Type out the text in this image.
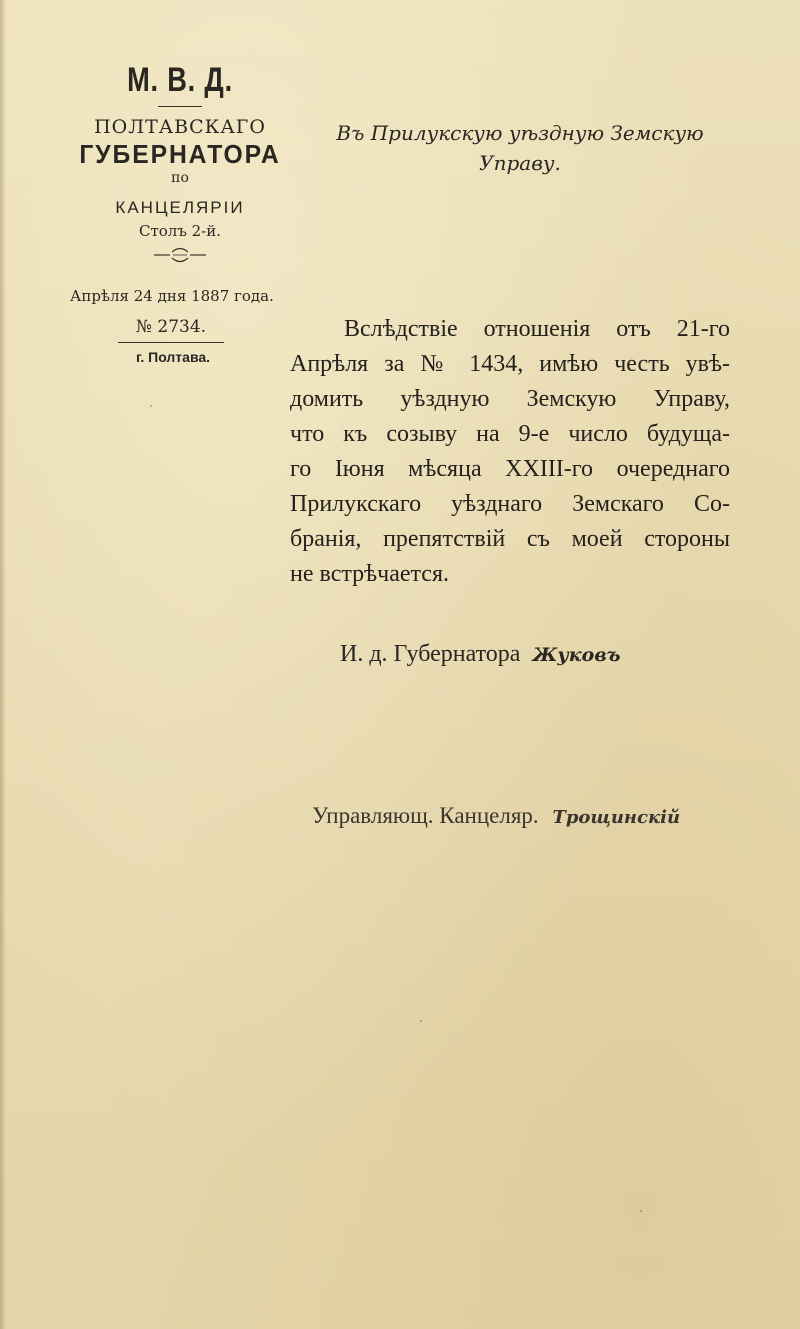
М. В. Д.
ПОЛТАВСКАГО
ГУБЕРНАТОРА
по
КАНЦЕЛЯРІИ
Столъ 2-й.
Апрѣля 24 дня 1887 года.
№ 2734.
г. Полтава.
Въ Прилукскую уѣздную Земскую
Управу.
Вслѣдствіе отношенія отъ 21-го
Апрѣля за № 1434, имѣю честь увѣ-
домить уѣздную Земскую Управу,
что къ созыву на 9-е число будуща-
го Іюня мѣсяца XXIII-го очереднаго
Прилукскаго уѣзднаго Земскаго Со-
бранія, препятствій съ моей стороны
не встрѣчается.
И. д. Губернатора Жуковъ
Управляющ. Канцеляр. Трощинскій
